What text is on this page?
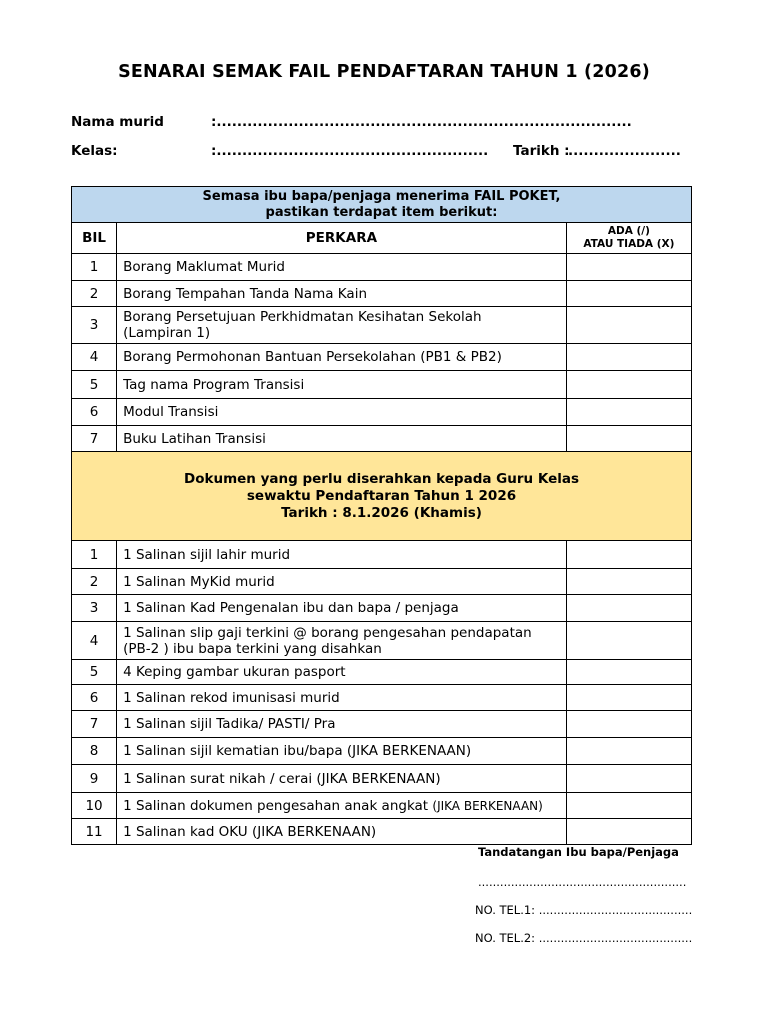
SENARAI SEMAK FAIL PENDAFTARAN TAHUN 1 (2026)
Nama murid	:.................................................................................
Kelas:	:..................................................... Tarikh :
......................
Semasa ibu bapa/penjaga menerima FAIL POKET,
pastikan terdapat item berikut:		

BIL	PERKARA	ADA (/)
ATAU TIADA (X)

1	Borang Maklumat Murid	

2	Borang Tempahan Tanda Nama Kain	

3	Borang Persetujuan Perkhidmatan Kesihatan Sekolah
(Lampiran 1)	

4	Borang Permohonan Bantuan Persekolahan (PB1 & PB2)	

5	Tag nama Program Transisi	

6	Modul Transisi	

7	Buku Latihan Transisi	

Dokumen yang perlu diserahkan kepada Guru Kelas
sewaktu Pendaftaran Tahun 1 2026
Tarikh : 8.1.2026 (Khamis)		

1	1 Salinan sijil lahir murid	

2	1 Salinan MyKid murid	

3	1 Salinan Kad Pengenalan ibu dan bapa / penjaga	

4	1 Salinan slip gaji terkini @ borang pengesahan pendapatan
(PB-2 ) ibu bapa terkini yang disahkan	

5	4 Keping gambar ukuran pasport	

6	1 Salinan rekod imunisasi murid	

7	1 Salinan sijil Tadika/ PASTI/ Pra	

8	1 Salinan sijil kematian ibu/bapa (JIKA BERKENAAN)	

9	1 Salinan surat nikah / cerai (JIKA BERKENAAN)	

10	1 Salinan dokumen pengesahan anak angkat (JIKA BERKENAAN)	

11	1 Salinan kad OKU (JIKA BERKENAAN)	

Tandatangan Ibu bapa/Penjaga
.........................................................
NO. TEL.1: ..........................................
NO. TEL.2: ..........................................
